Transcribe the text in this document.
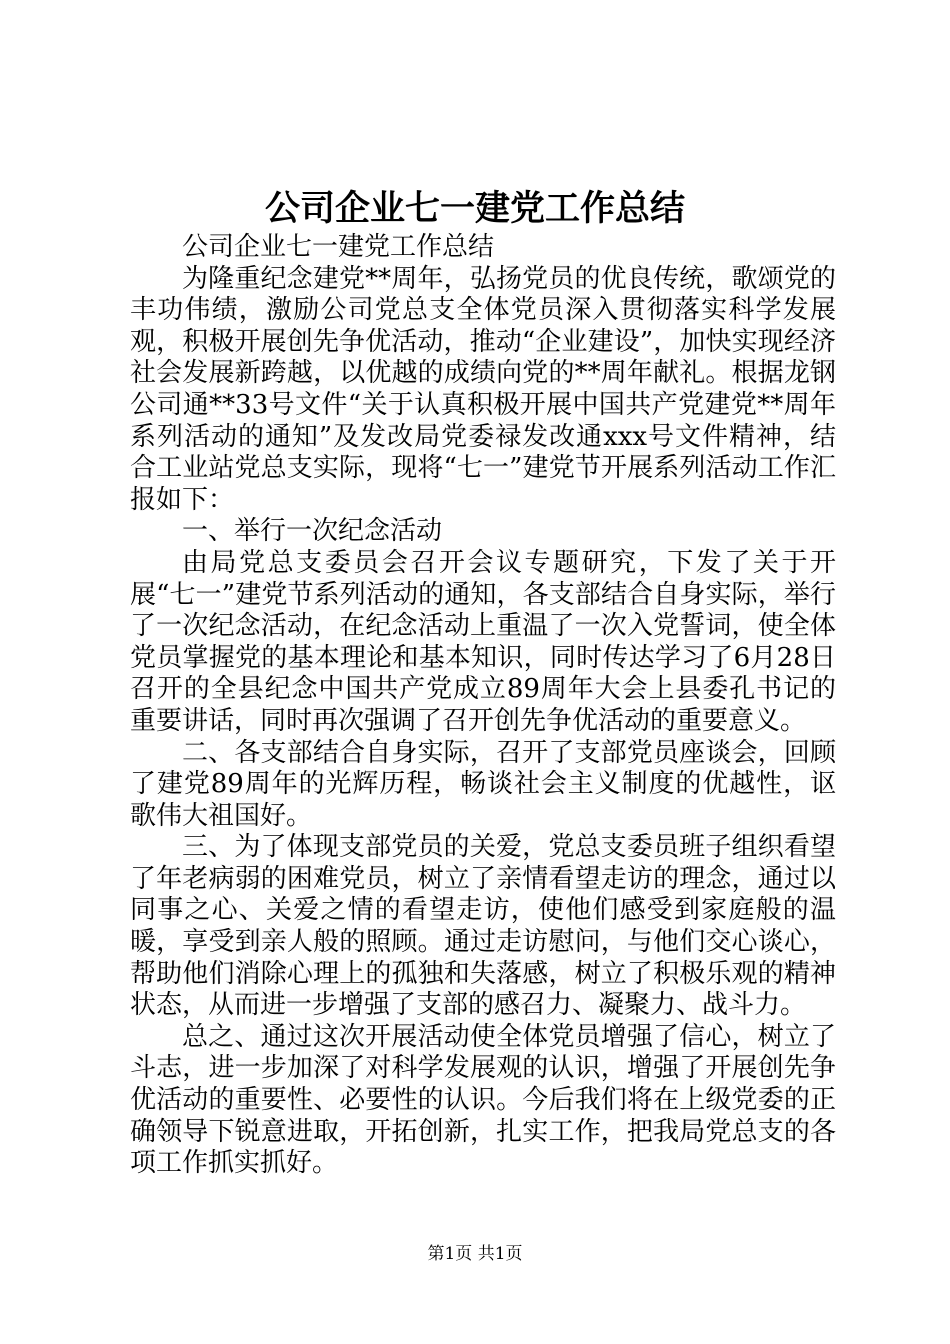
公司企业七一建党工作总结

公司企业七一建党工作总结

为隆重纪念建党**周年，弘扬党员的优良传统，歌颂党的丰功伟绩，激励公司党总支全体党员深入贯彻落实科学发展观，积极开展创先争优活动，推动“企业建设”，加快实现经济社会发展新跨越，以优越的成绩向党的**周年献礼。根据龙钢公司通**33号文件“关于认真积极开展中国共产党建党**周年系列活动的通知”及发改局党委禄发改通xxx号文件精神，结合工业站党总支实际，现将“七一”建党节开展系列活动工作汇报如下：

一、举行一次纪念活动

由局党总支委员会召开会议专题研究，下发了关于开展“七一”建党节系列活动的通知，各支部结合自身实际，举行了一次纪念活动，在纪念活动上重温了一次入党誓词，使全体党员掌握党的基本理论和基本知识，同时传达学习了6月28日召开的全县纪念中国共产党成立89周年大会上县委孔书记的重要讲话，同时再次强调了召开创先争优活动的重要意义。

二、各支部结合自身实际，召开了支部党员座谈会，回顾了建党89周年的光辉历程，畅谈社会主义制度的优越性，讴歌伟大祖国好。

三、为了体现支部党员的关爱，党总支委员班子组织看望了年老病弱的困难党员，树立了亲情看望走访的理念，通过以同事之心、关爱之情的看望走访，使他们感受到家庭般的温暖，享受到亲人般的照顾。通过走访慰问，与他们交心谈心，帮助他们消除心理上的孤独和失落感，树立了积极乐观的精神状态，从而进一步增强了支部的感召力、凝聚力、战斗力。

总之、通过这次开展活动使全体党员增强了信心，树立了斗志，进一步加深了对科学发展观的认识，增强了开展创先争优活动的重要性、必要性的认识。今后我们将在上级党委的正确领导下锐意进取，开拓创新，扎实工作，把我局党总支的各项工作抓实抓好。

第1页 共1页
